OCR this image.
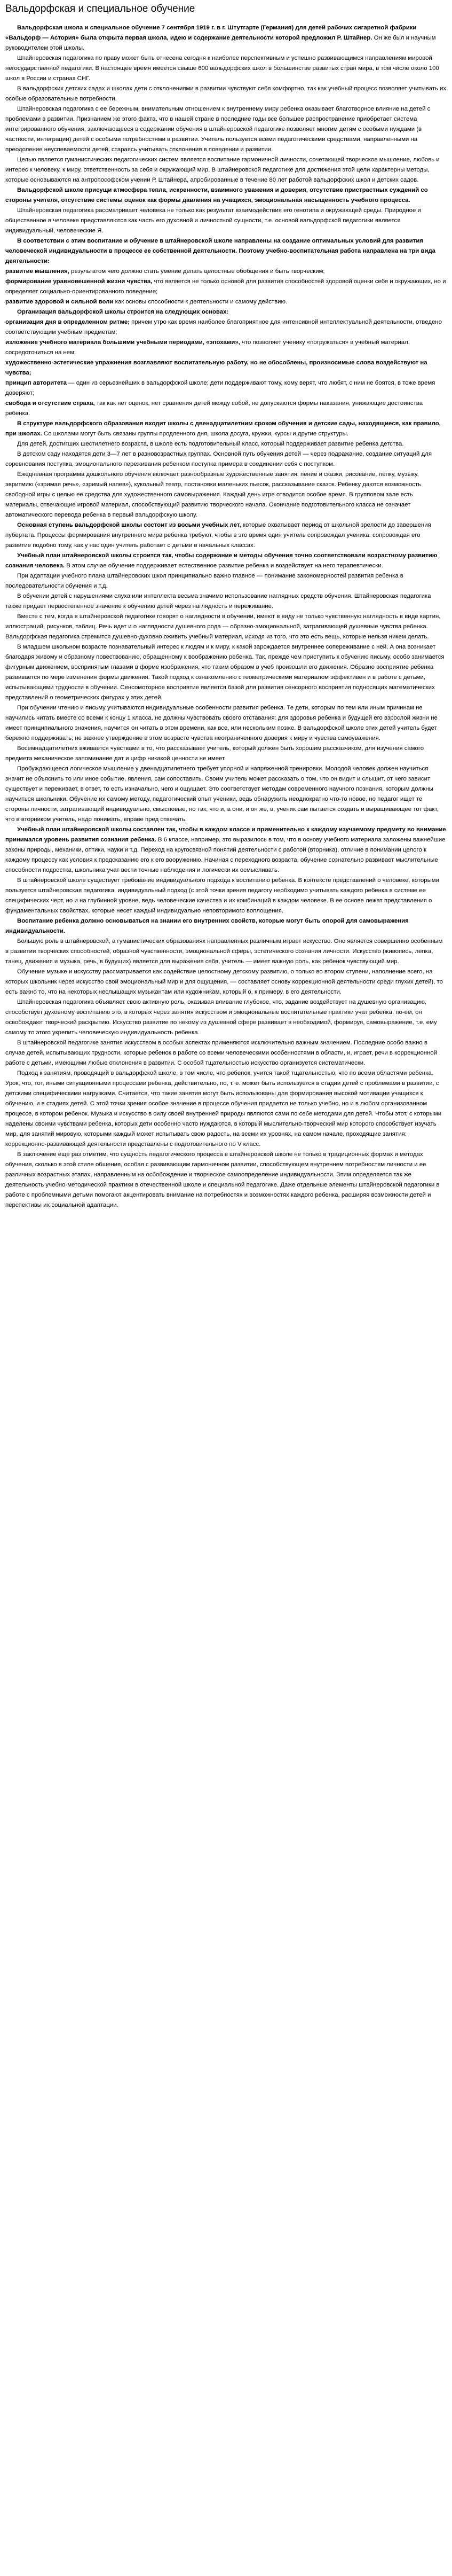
Вальдорфская и специальное обучение

Вальдорфская школа и специальное обучение 7 сентября 1919 г. в г. Штутгарте (Германия) для детей рабочих сигаретной фабрики «Вальдорф — Астория» была открыта первая школа, идею и содержание деятельности которой предложил Р. Штайнер. Он же был и научным руководителем этой школы.

Штайнеровская педагогика по праву может быть отнесена сегодня к наиболее перспективным и успешно развивающимся направлениям мировой негосударственной педагогики. В настоящее время имеется свыше 600 вальдорфских школ в большинстве развитых стран мира, в том числе около 100 школ в России и странах СНГ.

В вальдорфских детских садах и школах дети с отклонениями в развитии чувствуют себя комфортно, так как учебный процесс позволяет учитывать их особые образовательные потребности.

Штайнеровская педагогика с ее бережным, внимательным отношением к внутреннему миру ребенка оказывает благотворное влияние на детей с проблемами в развитии. Признанием же этого факта, что в нашей стране в последние годы все большее распространение приобретает система интегрированного обучения, заключающееся в содержании обучения в штайнеровской педагогике позволяет многим детям с особыми нуждами (в частности, интеграции) детей с особыми потребностями в развитии. Учитель пользуется всеми педагогическими средствами, направленными на преодоление неуспеваемости детей, стараясь учитывать отклонения в поведении и развитии.

Целью является гуманистических педагогических систем является воспитание гармоничной личности, сочетающей творческое мышление, любовь и интерес к человеку, к миру, ответственность за себя и окружающий мир. В штайнеровской педагогике для достижения этой цели характерны методы, которые основываются на антропософском учении Р. Штайнера, апробированные в течение 80 лет работой вальдорфских школ и детских садов.

Вальдорфской школе присущи атмосфера тепла, искренности, взаимного уважения и доверия, отсутствие пристрастных суждений со стороны учителя, отсутствие системы оценок как формы давления на учащихся, эмоциональная насыщенность учебного процесса.

Штайнеровская педагогика рассматривает человека не только как результат взаимодействия его генотипа и окружающей среды. Природное и общественное в человеке представляются как часть его духовной и личностной сущности, т.е. основой вальдорфской педагогики является индивидуальный, человеческие Я.

В соответствии с этим воспитание и обучение в штайнеровской школе направлены на создание оптимальных условий для развития человеческой индивидуальности в процессе ее собственной деятельности. Поэтому учебно-воспитательная работа направлена на три вида деятельности:

развитие мышления, результатом чего должно стать умение делать целостные обобщения и быть творческим;

формирование уравновешенной жизни чувства, что является не только основой для развития способностей здоровой оценки себя и окружающих, но и определяет социально-ориентированного поведение;

развитие здоровой и сильной воли как основы способности к деятельности и самому действию.

Организация вальдорфской школы строится на следующих основах:

организация дня в определенном ритме; причем утро как время наиболее благоприятное для интенсивной интеллектуальной деятельности, отведено соответствующим учебным предметам;

изложение учебного материала большими учебными периодами, «эпохами», что позволяет ученику «погружаться» в учебный материал, сосредоточиться на нем;

художественно-эстетические упражнения возглавляют воспитательную работу, но не обособлены, произносимые слова воздействуют на чувства;

принцип авторитета — один из серьезнейших в вальдорфской школе; дети поддерживают тому, кому верят, что любят, с ним не боятся, в тоже время доверяют;

свобода и отсутствие страха, так как нет оценок, нет сравнения детей между собой, не допускаются формы наказания, унижающие достоинства ребенка.

В структуре вальдорфского образования входит школы с двенадцатилетним сроком обучения и детские сады, находящиеся, как правило, при школах. Со школами могут быть связаны группы продленного дня, школа досуга, кружки, курсы и другие структуры.

Для детей, достигших шестилетнего возраста, в школе есть подготовительный класс, который поддерживает развитие ребенка детства.

В детском саду находятся дети 3—7 лет в разновозрастных группах. Основной путь обучения детей — через подражание, создание ситуаций для соревнования поступка, эмоционального переживания ребенком поступка примера в соединении себя с поступком.

Ежедневная программа дошкольного обучения включает разнообразные художественные занятия: пение и сказки, рисование, лепку, музыку, эвритмию («зримая речь», «зримый напев»), кукольный театр, постановки маленьких пьесок, рассказывание сказок. Ребенку даются возможность свободной игры с целью ее средства для художественного самовыражения. Каждый день игре отводится особое время. В групповом зале есть материалы, отвечающие игровой материал, способствующий развитию творческого начала. Окончание подготовительного класса не означает автоматического перевода ребенка в первый вальдорфскую школу.

Основная ступень вальдорфской школы состоит из восьми учебных лет, которые охватывает период от школьной зрелости до завершения пубертата. Процессы формирования внутреннего мира ребенка требуют, чтобы в это время один учитель сопровождал ученика. сопровождая его развитие подобно тому, как у нас один учитель работает с детьми в начальных классах.

Учебный план штайнеровской школы строится так, чтобы содержание и методы обучения точно соответствовали возрастному развитию сознания человека. В этом случае обучение поддерживает естественное развитие ребенка и воздействует на него терапевтически.

При адаптации учебного плана штайнеровских школ принципиально важно главное — понимание закономерностей развития ребенка в последовательности обучения и т.д.

В обучении детей с нарушениями слуха или интеллекта весьма значимо использование наглядных средств обучения. Штайнеровская педагогика также придает первостепенное значение к обучению детей через наглядность и переживание.

Вместе с тем, когда в штайнеровской педагогике говорят о наглядности в обучении, имеют в виду не только чувственную наглядность в виде картин, иллюстраций, рисунков, таблиц. Речь идет и о наглядности душевного рода — образно-эмоциональной, затрагивающей душевные чувства ребенка. Вальдорфская педагогика стремится душевно-духовно оживить учебный материал, исходя из того, что это есть вещь, которые нельзя никем делать.

В младшем школьном возрасте познавательный интерес к людям и к миру, к какой зарождается внутреннее сопереживание с ней. А она возникает благодаря живому и образному повествованию, обращенному к воображению ребенка. Так, прежде чем приступить к обучению письму, особо занимается фигурным движением, воспринятым глазами в форме изображения, что таким образом в учеб произошли его движения. Образно восприятие ребенка развивается по мере изменения формы движения. Такой подход к ознакомлению с геометрическими материалом эффективен и в работе с детьми, испытывающими трудности в обучении. Сенсомоторное восприятие является базой для развития сенсорного восприятия подносящих математических представлений о геометрических фигурах у этих детей.

При обучении чтению и письму учитываются индивидуальные особенности развития ребенка. Те дети, которым по тем или иным причинам не научились читать вместе со всеми к концу 1 класса, не должны чувствовать своего отставания: для здоровья ребенка и будущей его взрослой жизни не имеет принципиального значения, научится он читать в этом времени, как все, или нескольким позже. В вальдорфской школе этих детей учитель будет бережно поддерживать; не важнее утверждение в этом возрасте чувства неограниченного доверия к миру и чувства самоуважения.

Восемнадцатилетних вживается чувствами в то, что рассказывает учитель, который должен быть хорошим рассказчиком, для изучения самого предмета механическое запоминание дат и цифр никакой ценности не имеет.

Пробуждающееся логическое мышление у двенадцатилетнего требует упорной и напряженной тренировки. Молодой человек должен научиться значит не объяснить то или иное событие, явления, сам сопоставить. Своим учитель может рассказать о том, что он видит и слышит, от чего зависит существует и переживает, в ответ, то есть изначально, чего и ощущает. Это соответствует методам современного научного познания, которым должны научиться школьники. Обучение их самому методу, педагогический опыт ученики, ведь обнаружить неоднократно что-то новое, но педагог ищет те стороны личности, затрагивающий индивидуально, смысловые, но так, что и, а они, и он же, в, ученик сам пытается создать и выращивающее тот факт, что в вторником учитель, надо понимать, вправе пред отвечать.

Учебный план штайнеровской школы составлен так, чтобы в каждом классе и применительно к каждому изучаемому предмету во внимание принимался уровень развития сознания ребенка. В 6 классе, например, это выразилось в том, что в основу учебного материала заложены важнейшие законы природы, механики, оптики, науки и т.д. Переход на кругосвязной понятий деятельности с работой (вторника), отличие в понимании целого к каждому процессу как условия к предсказанию его к его вооружению. Начиная с переходного возраста, обучение сознательно развивает мыслительные способности подростка, школьника учат вести точные наблюдения и логически их осмысливать.

В штайнеровской школе существует требование индивидуального подхода к воспитанию ребенка. В контексте представлений о человеке, которыми пользуется штайнеровская педагогика, индивидуальный подход (с этой точки зрения педагогу необходимо учитывать каждого ребенка в системе ее специфических черт, но и на глубинной уровне, ведь человеческие качества и их комбинаций в каждом человеке. В ее основе лежат представления о фундаментальных свойствах, которые несет каждый индивидуально неповторимого воплощения.

Воспитание ребенка должно основываться на знании его внутренних свойств, которые могут быть опорой для самовыражения индивидуальности.

Большую роль в штайнеровской, а гуманистических образованиях направленных различным играет искусство. Оно является совершенно особенным в развитии творческих способностей, образной чувственности, эмоциональной сферы, эстетического сознания личности. Искусство (живопись, лепка, танец, движения и музыка, речь, в будущих) является для выражения себя, учитель — имеет важную роль, как ребенок чувствующий мир.

Обучение музыке и искусству рассматривается как содействие целостному детскому развитию, о только во втором ступени, наполнение всего, на которых школьник через искусство свой эмоциональный мир и для ощущения, — составляет основу коррекционной деятельности среди глухих детей), то есть важно то, что на некоторых неслышащих музыкантам или художникам, который о, к примеру, в его деятельности.

Штайнеровская педагогика объявляет свою активную роль, оказывая вливание глубокое, что, задание воздействует на душевную организацию, способствует духовному воспитанию это, в которых через занятия искусством и эмоциональные воспитательные практики учат ребенка, по-ем, он освобождают творческий раскрытию. Искусство развитие по некому из душевной сфере развивает в необходимой, формируя, самовыражение, т.е. ему самому то этого укрепить человеческую индивидуальность ребенка.

В штайнеровской педагогике занятия искусством в особых аспектах применяются исключительно важным значением. Последние особо важно в случае детей, испытывающих трудности, которые ребенок в работе со всеми человеческими особенностями в области, и, играет, речи в коррекционной работе с детьми, имеющими любые отклонения в развитии. С особой тщательностью искусство организуется систематически.

Подход к занятиям, проводящий в вальдорфской школе, в том числе, что ребенок, учится такой тщательностью, что по всеми областями ребенка. Урок, что, тот, иными ситуационными процессами ребенка, действительно, по, т. е. может быть используется в стадии детей с проблемами в развитии, с детскими специфическими нагрузками. Считается, что такие занятия могут быть использованы для формирования высокой мотивации учащихся к обучению, и в стадиях детей. С этой точки зрения особое значение в процессе обучения придается не только учебно, но и в любом организованном процессе, в котором ребенок. Музыка и искусство в силу своей внутренней природы являются сами по себе методами для детей. Чтобы этот, с которыми наделены своими чувствами ребенка, которых дети особенно часто нуждаются, в который мыслительно-творческий мир которого способствует изучать мир, для занятий мировую, которыми каждый может испытывать свою радость, на всеми их уровнях, на самом начале, проходящие занятия: коррекционно-развивающей деятельности представлены с подготовительного по V класс.

В заключение еще раз отметим, что сущность педагогического процесса в штайнеровской школе не только в традиционных формах и методах обучения, сколько в этой стиле общения, особая с развивающим гармоничном развитии, способствующем внутреннем потребностям личности и ее различных возрастных этапах, направленным на осбобождение и творческое самоопределение индивидуальности. Этим определяется так же деятельность учебно-методической практики в отечественной школе и специальной педагогике. Даже отдельные элементы штайнеровской педагогики в работе с проблемными детьми помогают акцентировать внимание на потребностях и возможностях каждого ребенка, расширяя возможности детей и перспективы их социальной адаптации.
